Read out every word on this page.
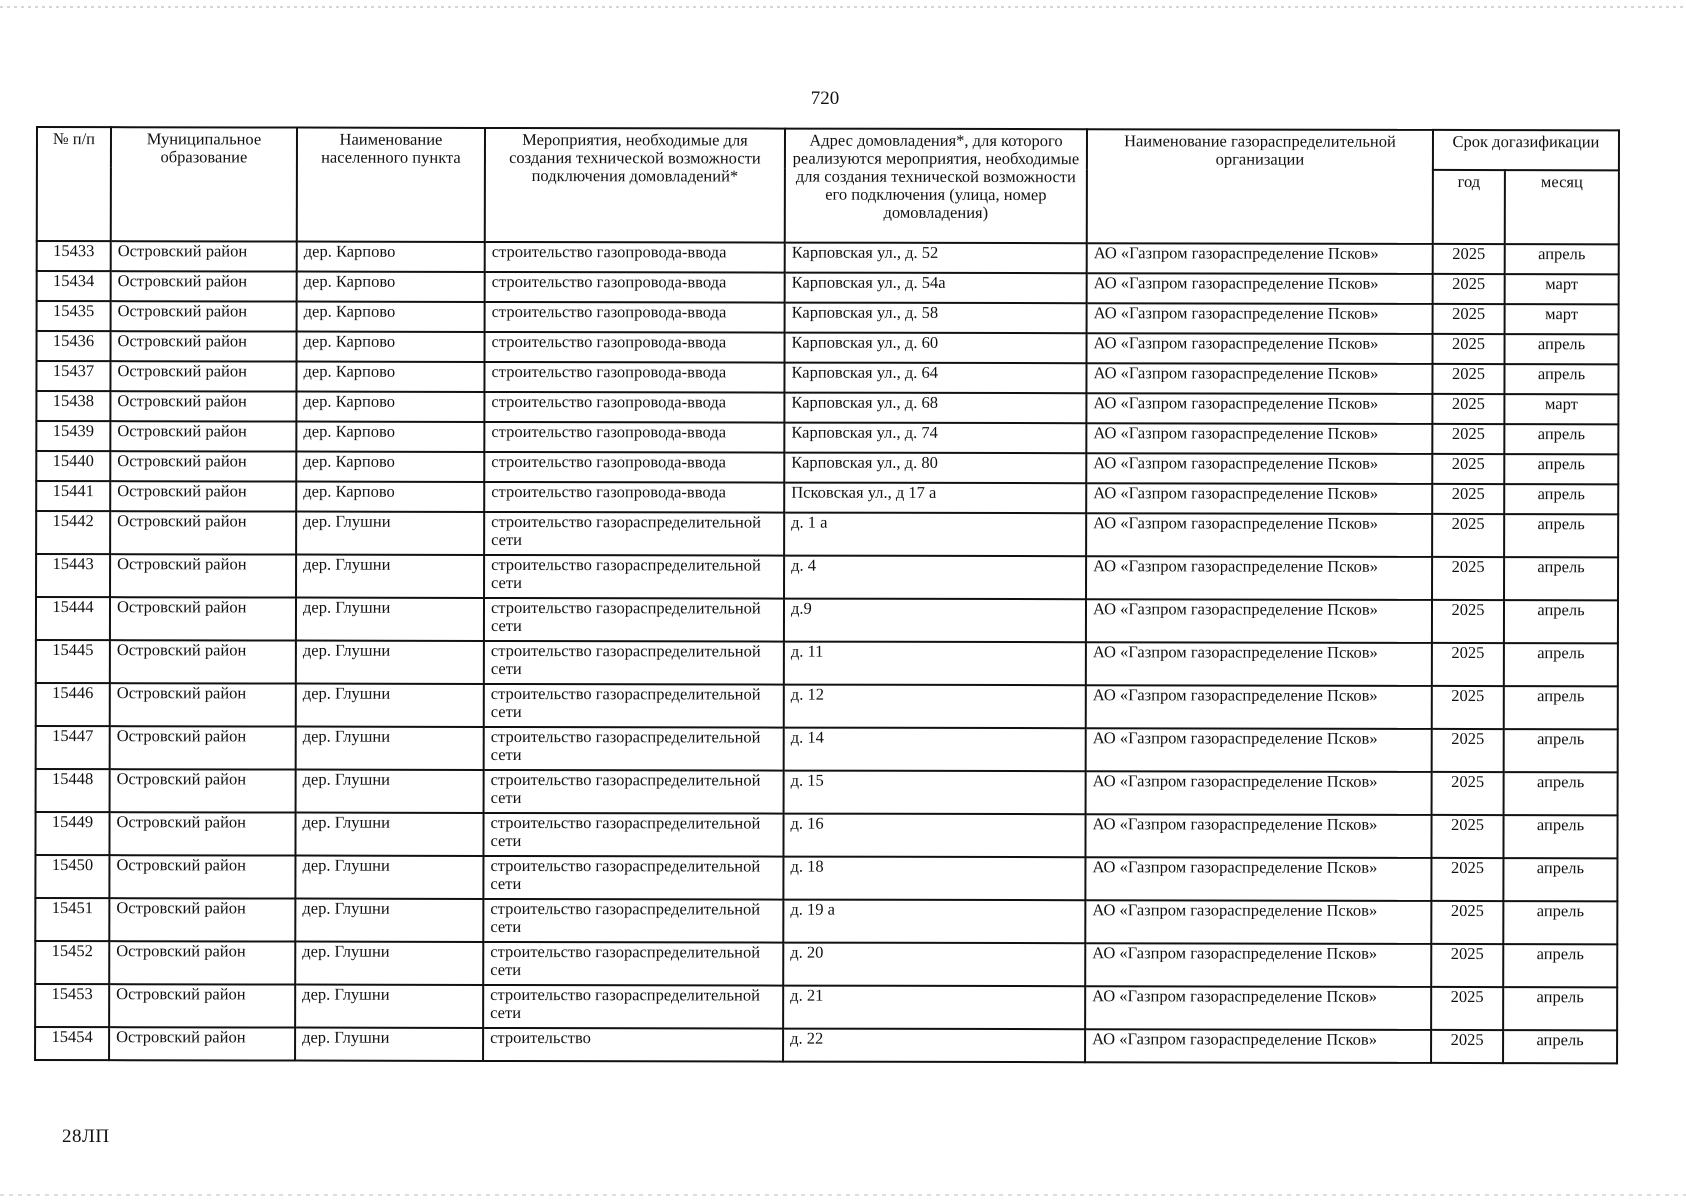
720
№ п/п	Муниципальное образование	Наименование населенного пункта	Мероприятия, необходимые для создания технической возможности подключения домовладений*	Адрес домовладения*, для которого реализуются мероприятия, необходимые для создания технической возможности его подключения (улица, номер домовладения)	Наименование газораспределительной организации	Срок догазификации	
						год	месяц
15433	Островский район	дер. Карпово	строительство газопровода-ввода	Карповская ул., д. 52	АО «Газпром газораспределение Псков»	2025	апрель
15434	Островский район	дер. Карпово	строительство газопровода-ввода	Карповская ул., д. 54а	АО «Газпром газораспределение Псков»	2025	март
15435	Островский район	дер. Карпово	строительство газопровода-ввода	Карповская ул., д. 58	АО «Газпром газораспределение Псков»	2025	март
15436	Островский район	дер. Карпово	строительство газопровода-ввода	Карповская ул., д. 60	АО «Газпром газораспределение Псков»	2025	апрель
15437	Островский район	дер. Карпово	строительство газопровода-ввода	Карповская ул., д. 64	АО «Газпром газораспределение Псков»	2025	апрель
15438	Островский район	дер. Карпово	строительство газопровода-ввода	Карповская ул., д. 68	АО «Газпром газораспределение Псков»	2025	март
15439	Островский район	дер. Карпово	строительство газопровода-ввода	Карповская ул., д. 74	АО «Газпром газораспределение Псков»	2025	апрель
15440	Островский район	дер. Карпово	строительство газопровода-ввода	Карповская ул., д. 80	АО «Газпром газораспределение Псков»	2025	апрель
15441	Островский район	дер. Карпово	строительство газопровода-ввода	Псковская ул., д 17 а	АО «Газпром газораспределение Псков»	2025	апрель
15442	Островский район	дер. Глушни	строительство газораспределительной сети	д. 1 а	АО «Газпром газораспределение Псков»	2025	апрель
15443	Островский район	дер. Глушни	строительство газораспределительной сети	д. 4	АО «Газпром газораспределение Псков»	2025	апрель
15444	Островский район	дер. Глушни	строительство газораспределительной сети	д.9	АО «Газпром газораспределение Псков»	2025	апрель
15445	Островский район	дер. Глушни	строительство газораспределительной сети	д. 11	АО «Газпром газораспределение Псков»	2025	апрель
15446	Островский район	дер. Глушни	строительство газораспределительной сети	д. 12	АО «Газпром газораспределение Псков»	2025	апрель
15447	Островский район	дер. Глушни	строительство газораспределительной сети	д. 14	АО «Газпром газораспределение Псков»	2025	апрель
15448	Островский район	дер. Глушни	строительство газораспределительной сети	д. 15	АО «Газпром газораспределение Псков»	2025	апрель
15449	Островский район	дер. Глушни	строительство газораспределительной сети	д. 16	АО «Газпром газораспределение Псков»	2025	апрель
15450	Островский район	дер. Глушни	строительство газораспределительной сети	д. 18	АО «Газпром газораспределение Псков»	2025	апрель
15451	Островский район	дер. Глушни	строительство газораспределительной сети	д. 19 а	АО «Газпром газораспределение Псков»	2025	апрель
15452	Островский район	дер. Глушни	строительство газораспределительной сети	д. 20	АО «Газпром газораспределение Псков»	2025	апрель
15453	Островский район	дер. Глушни	строительство газораспределительной сети	д. 21	АО «Газпром газораспределение Псков»	2025	апрель
15454	Островский район	дер. Глушни	строительство	д. 22	АО «Газпром газораспределение Псков»	2025	апрель
28ЛП
